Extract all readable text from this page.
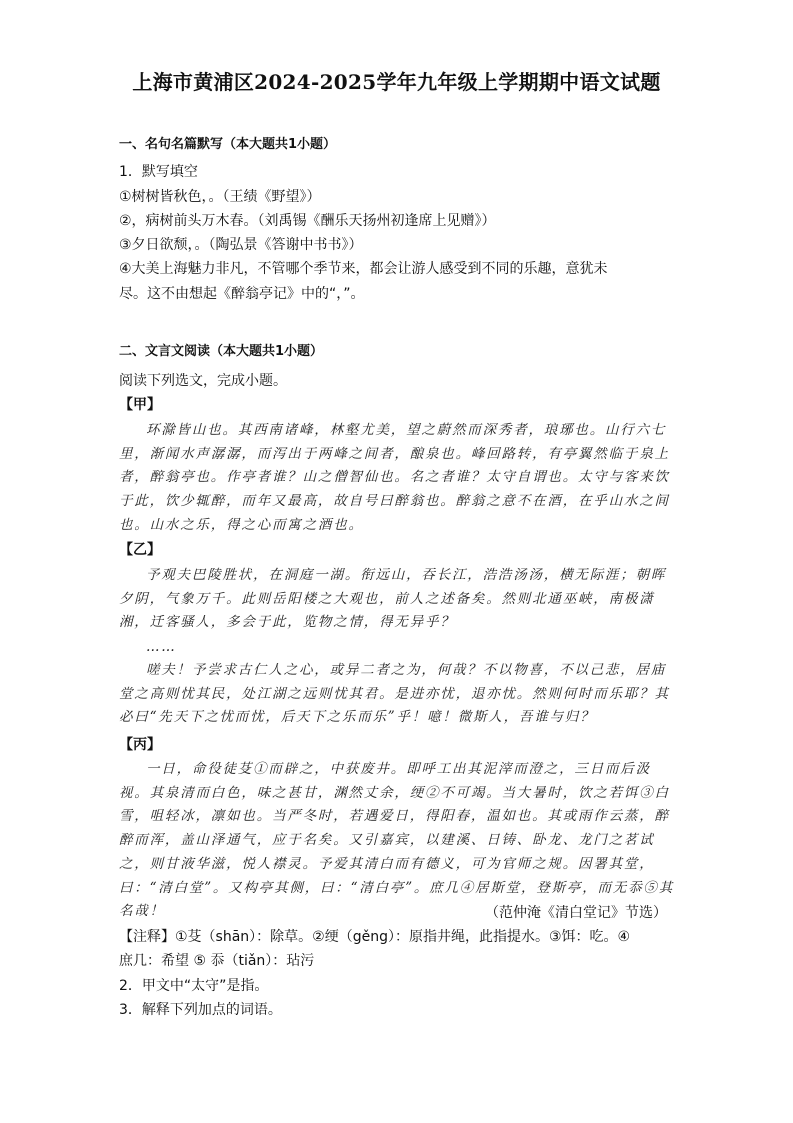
上海市黄浦区2024-2025学年九年级上学期期中语文试题
一、名句名篇默写（本大题共1小题）
1．默写填空
①树树皆秋色，。（王绩《野望》）
②，病树前头万木春。（刘禹锡《酬乐天扬州初逢席上见赠》）
③夕日欲颓，。（陶弘景《答谢中书书》）
④大美上海魅力非凡，不管哪个季节来，都会让游人感受到不同的乐趣，意犹未
尽。这不由想起《醉翁亭记》中的“，”。
二、文言文阅读（本大题共1小题）
阅读下列选文，完成小题。
【甲】

环滁皆山也。其西南诸峰，林壑尤美，望之蔚然而深秀者，琅琊也。山行六七里，渐闻水声潺潺，而泻出于两峰之间者，酿泉也。峰回路转，有亭翼然临于泉上者，醉翁亭也。作亭者谁？山之僧智仙也。名之者谁？太守自谓也。太守与客来饮于此，饮少辄醉，而年又最高，故自号曰醉翁也。醉翁之意不在酒，在乎山水之间也。山水之乐，得之心而寓之酒也。

【乙】

予观夫巴陵胜状，在洞庭一湖。衔远山，吞长江，浩浩汤汤，横无际涯；朝晖夕阴，气象万千。此则岳阳楼之大观也，前人之述备矣。然则北通巫峡，南极潇湘，迁客骚人，多会于此，览物之情，得无异乎？

……

嗟夫！予尝求古仁人之心，或异二者之为，何哉？不以物喜，不以己悲，居庙堂之高则忧其民，处江湖之远则忧其君。是进亦忧，退亦忧。然则何时而乐耶？其必曰“先天下之忧而忧，后天下之乐而乐”乎！噫！微斯人，吾谁与归？

【丙】

一日，命役徒芟①而辟之，中获废井。即呼工出其泥滓而澄之，三日而后汲视。其泉清而白色，味之甚甘，渊然丈余，绠②不可竭。当大暑时，饮之若饵③白雪，咀轻冰，凛如也。当严冬时，若遇爱日，得阳春，温如也。其或雨作云蒸，醉醉而浑，盖山泽通气，应于名矣。又引嘉宾，以建溪、日铸、卧龙、龙门之茗试之，则甘液华滋，悦人襟灵。予爱其清白而有德义，可为官师之规。因署其堂，曰：“清白堂”。又构亭其侧，曰：“清白亭”。庶几④居斯堂，登斯亭，而无忝⑤其名哉！	（范仲淹《清白堂记》节选）
【注释】①芟（shān）：除草。②绠（gěng）：原指井绳，此指提水。③饵：吃。④
庶几：希望 ⑤ 忝（tiǎn）：玷污
2．甲文中“太守”是指。
3．解释下列加点的词语。
